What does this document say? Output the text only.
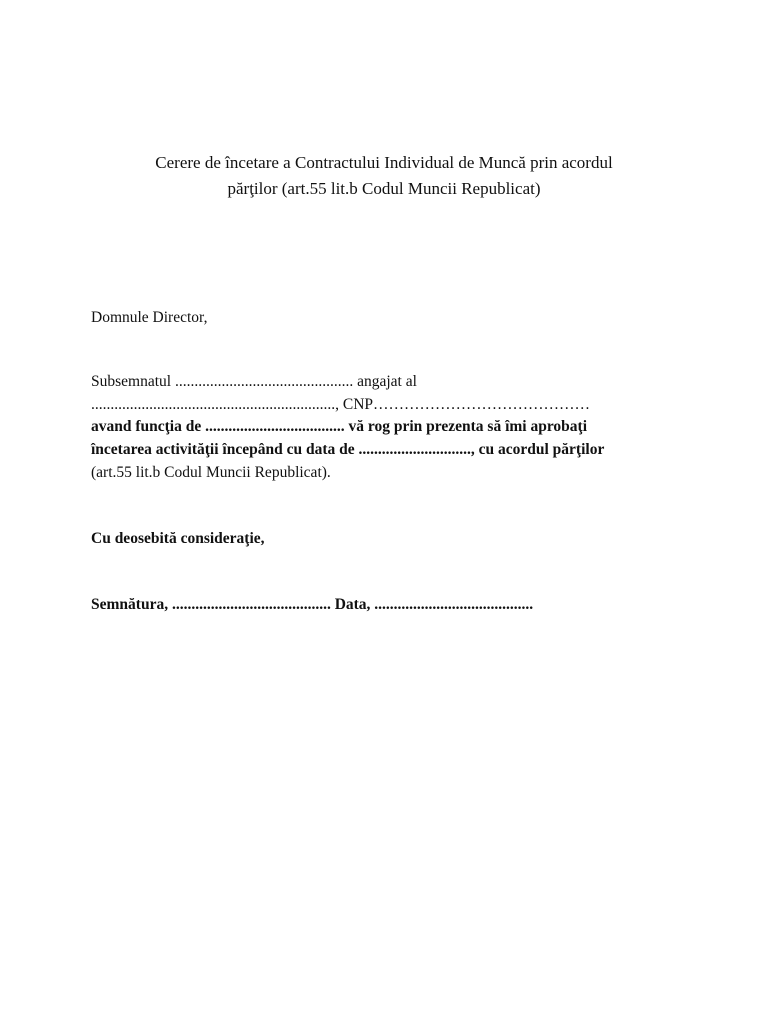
Cerere de încetare a Contractului Individual de Muncă prin acordul
părţilor (art.55 lit.b Codul Muncii Republicat)
Domnule Director,
Subsemnatul .............................................. angajat al
..............................................................., CNP……………………………………
avand funcţia de .................................... vă rog prin prezenta să îmi aprobaţi
încetarea activităţii începând cu data de ............................., cu acordul părţilor
(art.55 lit.b Codul Muncii Republicat).
Cu deosebită consideraţie,
Semnătura, ......................................... Data, .........................................
